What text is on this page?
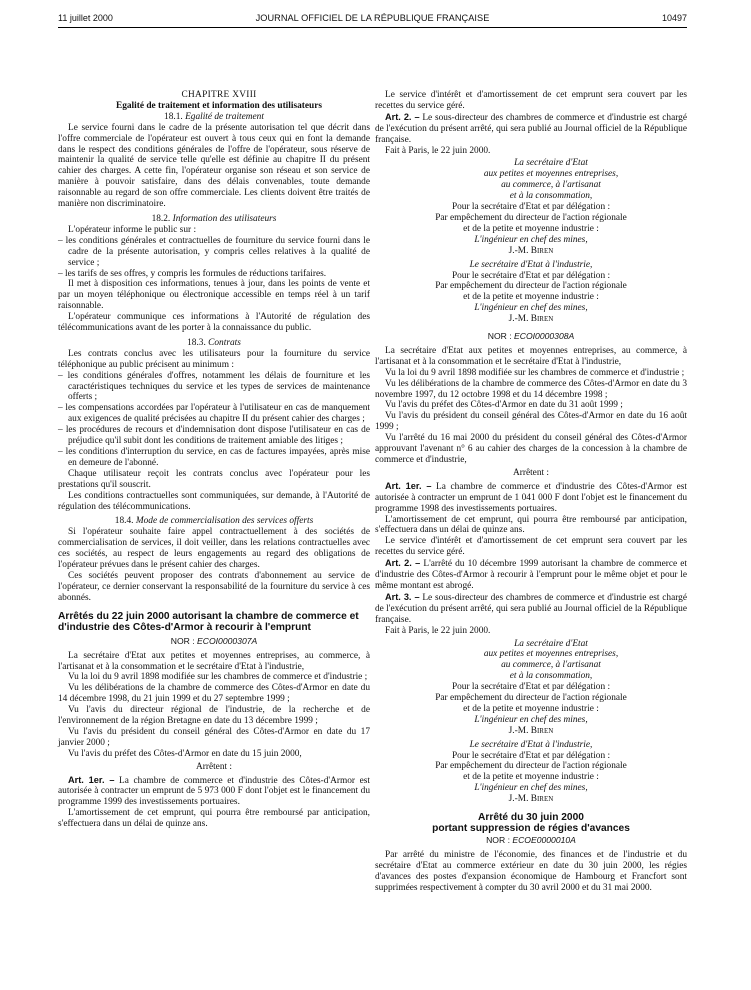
11 juillet 2000	JOURNAL OFFICIEL DE LA RÉPUBLIQUE FRANÇAISE	10497

CHAPITRE XVIII

Egalité de traitement et information des utilisateurs

18.1. Egalité de traitement

Le service fourni dans le cadre de la présente autorisation tel que décrit dans l'offre commerciale de l'opérateur est ouvert à tous ceux qui en font la demande dans le respect des conditions générales de l'offre de l'opérateur, sous réserve de maintenir la qualité de service telle qu'elle est définie au chapitre II du présent cahier des charges. A cette fin, l'opérateur organise son réseau et son service de manière à pouvoir satisfaire, dans des délais convenables, toute demande raisonnable au regard de son offre commerciale. Les clients doivent être traités de manière non discriminatoire.

18.2. Information des utilisateurs

L'opérateur informe le public sur :

– les conditions générales et contractuelles de fourniture du service fourni dans le cadre de la présente autorisation, y compris celles relatives à la qualité de service ;

– les tarifs de ses offres, y compris les formules de réductions tarifaires.

Il met à disposition ces informations, tenues à jour, dans les points de vente et par un moyen téléphonique ou électronique accessible en temps réel à un tarif raisonnable.

L'opérateur communique ces informations à l'Autorité de régulation des télécommunications avant de les porter à la connaissance du public.

18.3. Contrats

Les contrats conclus avec les utilisateurs pour la fourniture du service téléphonique au public précisent au minimum :

– les conditions générales d'offres, notamment les délais de fourniture et les caractéristiques techniques du service et les types de services de maintenance offerts ;

– les compensations accordées par l'opérateur à l'utilisateur en cas de manquement aux exigences de qualité précisées au chapitre II du présent cahier des charges ;

– les procédures de recours et d'indemnisation dont dispose l'utilisateur en cas de préjudice qu'il subit dont les conditions de traitement amiable des litiges ;

– les conditions d'interruption du service, en cas de factures impayées, après mise en demeure de l'abonné.

Chaque utilisateur reçoit les contrats conclus avec l'opérateur pour les prestations qu'il souscrit.

Les conditions contractuelles sont communiquées, sur demande, à l'Autorité de régulation des télécommunications.

18.4. Mode de commercialisation des services offerts

Si l'opérateur souhaite faire appel contractuellement à des sociétés de commercialisation de services, il doit veiller, dans les relations contractuelles avec ces sociétés, au respect de leurs engagements au regard des obligations de l'opérateur prévues dans le présent cahier des charges.

Ces sociétés peuvent proposer des contrats d'abonnement au service de l'opérateur, ce dernier conservant la responsabilité de la fourniture du service à ces abonnés.

Arrêtés du 22 juin 2000 autorisant la chambre de commerce et d'industrie des Côtes-d'Armor à recourir à l'emprunt

NOR : ECOI0000307A

La secrétaire d'Etat aux petites et moyennes entreprises, au commerce, à l'artisanat et à la consommation et le secrétaire d'Etat à l'industrie,

Vu la loi du 9 avril 1898 modifiée sur les chambres de commerce et d'industrie ;

Vu les délibérations de la chambre de commerce des Côtes-d'Armor en date du 14 décembre 1998, du 21 juin 1999 et du 27 septembre 1999 ;

Vu l'avis du directeur régional de l'industrie, de la recherche et de l'environnement de la région Bretagne en date du 13 décembre 1999 ;

Vu l'avis du président du conseil général des Côtes-d'Armor en date du 17 janvier 2000 ;

Vu l'avis du préfet des Côtes-d'Armor en date du 15 juin 2000,

Arrêtent :

Art. 1er. – La chambre de commerce et d'industrie des Côtes-d'Armor est autorisée à contracter un emprunt de 5 973 000 F dont l'objet est le financement du programme 1999 des investissements portuaires.

L'amortissement de cet emprunt, qui pourra être remboursé par anticipation, s'effectuera dans un délai de quinze ans.

Le service d'intérêt et d'amortissement de cet emprunt sera couvert par les recettes du service géré.

Art. 2. – Le sous-directeur des chambres de commerce et d'industrie est chargé de l'exécution du présent arrêté, qui sera publié au Journal officiel de la République française.

Fait à Paris, le 22 juin 2000.

La secrétaire d'Etat

aux petites et moyennes entreprises,

au commerce, à l'artisanat

et à la consommation,

Pour la secrétaire d'Etat et par délégation :

Par empêchement du directeur de l'action régionale

et de la petite et moyenne industrie :

L'ingénieur en chef des mines,

J.-M. Biren

Le secrétaire d'Etat à l'industrie,

Pour le secrétaire d'Etat et par délégation :

Par empêchement du directeur de l'action régionale

et de la petite et moyenne industrie :

L'ingénieur en chef des mines,

J.-M. Biren

NOR : ECOI0000308A

La secrétaire d'Etat aux petites et moyennes entreprises, au commerce, à l'artisanat et à la consommation et le secrétaire d'Etat à l'industrie,

Vu la loi du 9 avril 1898 modifiée sur les chambres de commerce et d'industrie ;

Vu les délibérations de la chambre de commerce des Côtes-d'Armor en date du 3 novembre 1997, du 12 octobre 1998 et du 14 décembre 1998 ;

Vu l'avis du préfet des Côtes-d'Armor en date du 31 août 1999 ;

Vu l'avis du président du conseil général des Côtes-d'Armor en date du 16 août 1999 ;

Vu l'arrêté du 16 mai 2000 du président du conseil général des Côtes-d'Armor approuvant l'avenant n° 6 au cahier des charges de la concession à la chambre de commerce et d'industrie,

Arrêtent :

Art. 1er. – La chambre de commerce et d'industrie des Côtes-d'Armor est autorisée à contracter un emprunt de 1 041 000 F dont l'objet est le financement du programme 1998 des investissements portuaires.

L'amortissement de cet emprunt, qui pourra être remboursé par anticipation, s'effectuera dans un délai de quinze ans.

Le service d'intérêt et d'amortissement de cet emprunt sera couvert par les recettes du service géré.

Art. 2. – L'arrêté du 10 décembre 1999 autorisant la chambre de commerce et d'industrie des Côtes-d'Armor à recourir à l'emprunt pour le même objet et pour le même montant est abrogé.

Art. 3. – Le sous-directeur des chambres de commerce et d'industrie est chargé de l'exécution du présent arrêté, qui sera publié au Journal officiel de la République française.

Fait à Paris, le 22 juin 2000.

La secrétaire d'Etat

aux petites et moyennes entreprises,

au commerce, à l'artisanat

et à la consommation,

Pour la secrétaire d'Etat et par délégation :

Par empêchement du directeur de l'action régionale

et de la petite et moyenne industrie :

L'ingénieur en chef des mines,

J.-M. Biren

Le secrétaire d'Etat à l'industrie,

Pour le secrétaire d'Etat et par délégation :

Par empêchement du directeur de l'action régionale

et de la petite et moyenne industrie :

L'ingénieur en chef des mines,

J.-M. Biren

Arrêté du 30 juin 2000

portant suppression de régies d'avances

NOR : ECOE0000010A

Par arrêté du ministre de l'économie, des finances et de l'industrie et du secrétaire d'Etat au commerce extérieur en date du 30 juin 2000, les régies d'avances des postes d'expansion économique de Hambourg et Francfort sont supprimées respectivement à compter du 30 avril 2000 et du 31 mai 2000.
